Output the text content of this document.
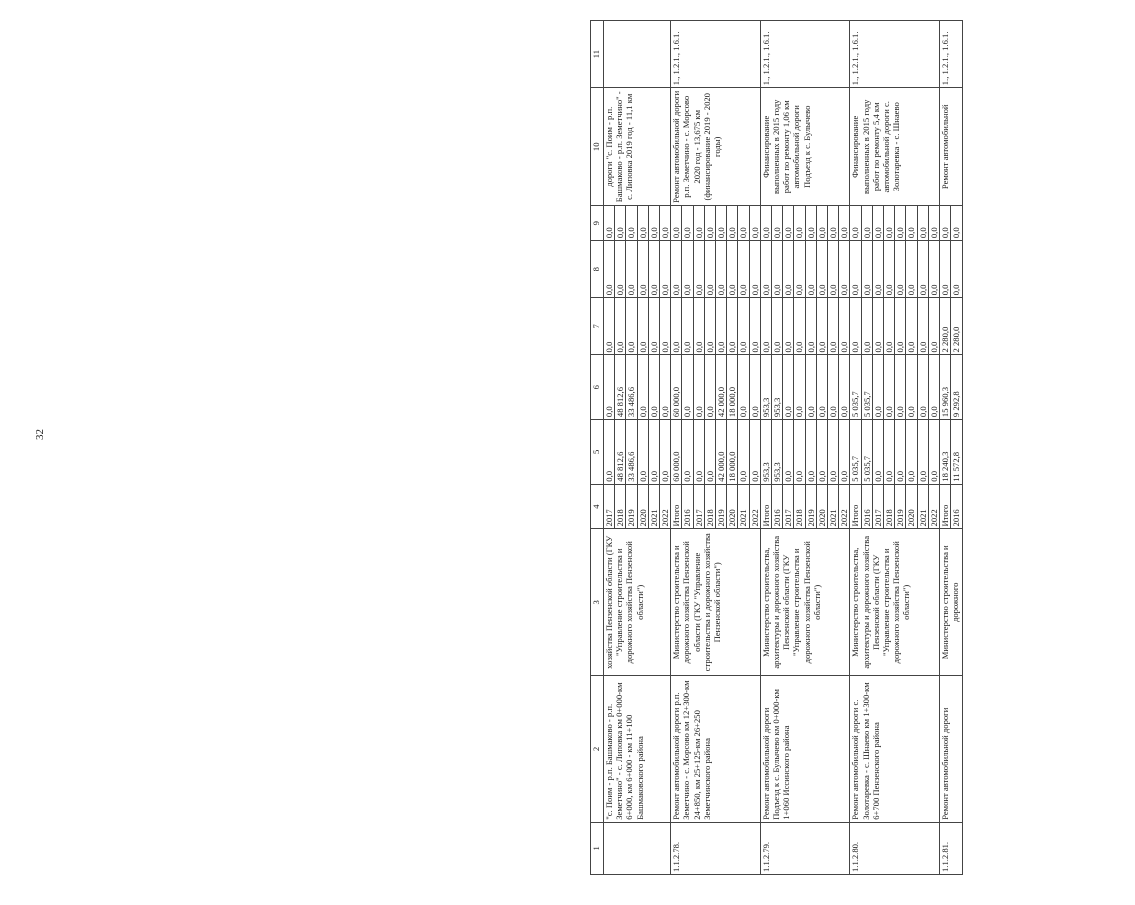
32
1	2	3	4	5	6	7	8	9	10	11
	"с. Поим - р.п. Башмаково - р.п. Земетчино" - с. Липовка км 0+000-км 6+000, км 6+000 - км 11+100 Башмаковского района	хозяйства Пензенской области (ГКУ "Управление строительства и дорожного хозяйства Пензенской области")	2017	0,0	0,0	0,0	0,0	0,0	дороги "с. Поим - р.п. Башмаково - р.п. Земетчино" - с. Липовка 2019 год - 11,1 км	
			2018	48 812,6	48 812,6	0,0	0,0	0,0		
			2019	33 486,6	33 486,6	0,0	0,0	0,0		
			2020	0,0	0,0	0,0	0,0	0,0		
			2021	0,0	0,0	0,0	0,0	0,0		
			2022	0,0	0,0	0,0	0,0	0,0		
1.1.2.78.	Ремонт автомобильной дороги р.п. Земетчино - с. Морсово км 12+300-км 24+850, км 25+125-км 26+250 Земетчинского района	Министерство строительства и дорожного хозяйства Пензенской области (ГКУ "Управление строительства и дорожного хозяйства Пензенской области")	Итого	60 000,0	60 000,0	0,0	0,0	0,0	Ремонт автомобильной дороги р.п. Земетчино - с. Морсово 2020 год - 13,675 км (финансирование 2019 - 2020 годы)	1., 1.2.1., 1.6.1.
			2016	0,0	0,0	0,0	0,0	0,0		
			2017	0,0	0,0	0,0	0,0	0,0		
			2018	0,0	0,0	0,0	0,0	0,0		
			2019	42 000,0	42 000,0	0,0	0,0	0,0		
			2020	18 000,0	18 000,0	0,0	0,0	0,0		
			2021	0,0	0,0	0,0	0,0	0,0		
			2022	0,0	0,0	0,0	0,0	0,0		
1.1.2.79.	Ремонт автомобильной дороги Подъезд к с. Булычево км 0+000-км 1+060 Иссинского района	Министерство строительства, архитектуры и дорожного хозяйства Пензенской области (ГКУ "Управление строительства и дорожного хозяйства Пензенской области")	Итого	953,3	953,3	0,0	0,0	0,0	Финансирование выполненных в 2015 году работ по ремонту 1,06 км автомобильной дороги Подъезд к с. Булычево	1., 1.2.1., 1.6.1.
			2016	953,3	953,3	0,0	0,0	0,0		
			2017	0,0	0,0	0,0	0,0	0,0		
			2018	0,0	0,0	0,0	0,0	0,0		
			2019	0,0	0,0	0,0	0,0	0,0		
			2020	0,0	0,0	0,0	0,0	0,0		
			2021	0,0	0,0	0,0	0,0	0,0		
			2022	0,0	0,0	0,0	0,0	0,0		
1.1.2.80.	Ремонт автомобильной дороги с. Золотаревка - с. Шнаево км 1+300-км 6+700 Пензенского района	Министерство строительства, архитектуры и дорожного хозяйства Пензенской области (ГКУ "Управление строительства и дорожного хозяйства Пензенской области")	Итого	5 035,7	5 035,7	0,0	0,0	0,0	Финансирование выполненных в 2015 году работ по ремонту 5,4 км автомобильной дороги с. Золотаревка - с. Шнаево	1., 1.2.1., 1.6.1.
			2016	5 035,7	5 035,7	0,0	0,0	0,0		
			2017	0,0	0,0	0,0	0,0	0,0		
			2018	0,0	0,0	0,0	0,0	0,0		
			2019	0,0	0,0	0,0	0,0	0,0		
			2020	0,0	0,0	0,0	0,0	0,0		
			2021	0,0	0,0	0,0	0,0	0,0		
			2022	0,0	0,0	0,0	0,0	0,0		
1.1.2.81.	Ремонт автомобильной дороги	Министерство строительства и дорожного	Итого	18 240,3	15 960,3	2 280,0	0,0	0,0	Ремонт автомобильной	1., 1.2.1., 1.6.1.
			2016	11 572,8	9 292,8	2 280,0	0,0	0,0		
